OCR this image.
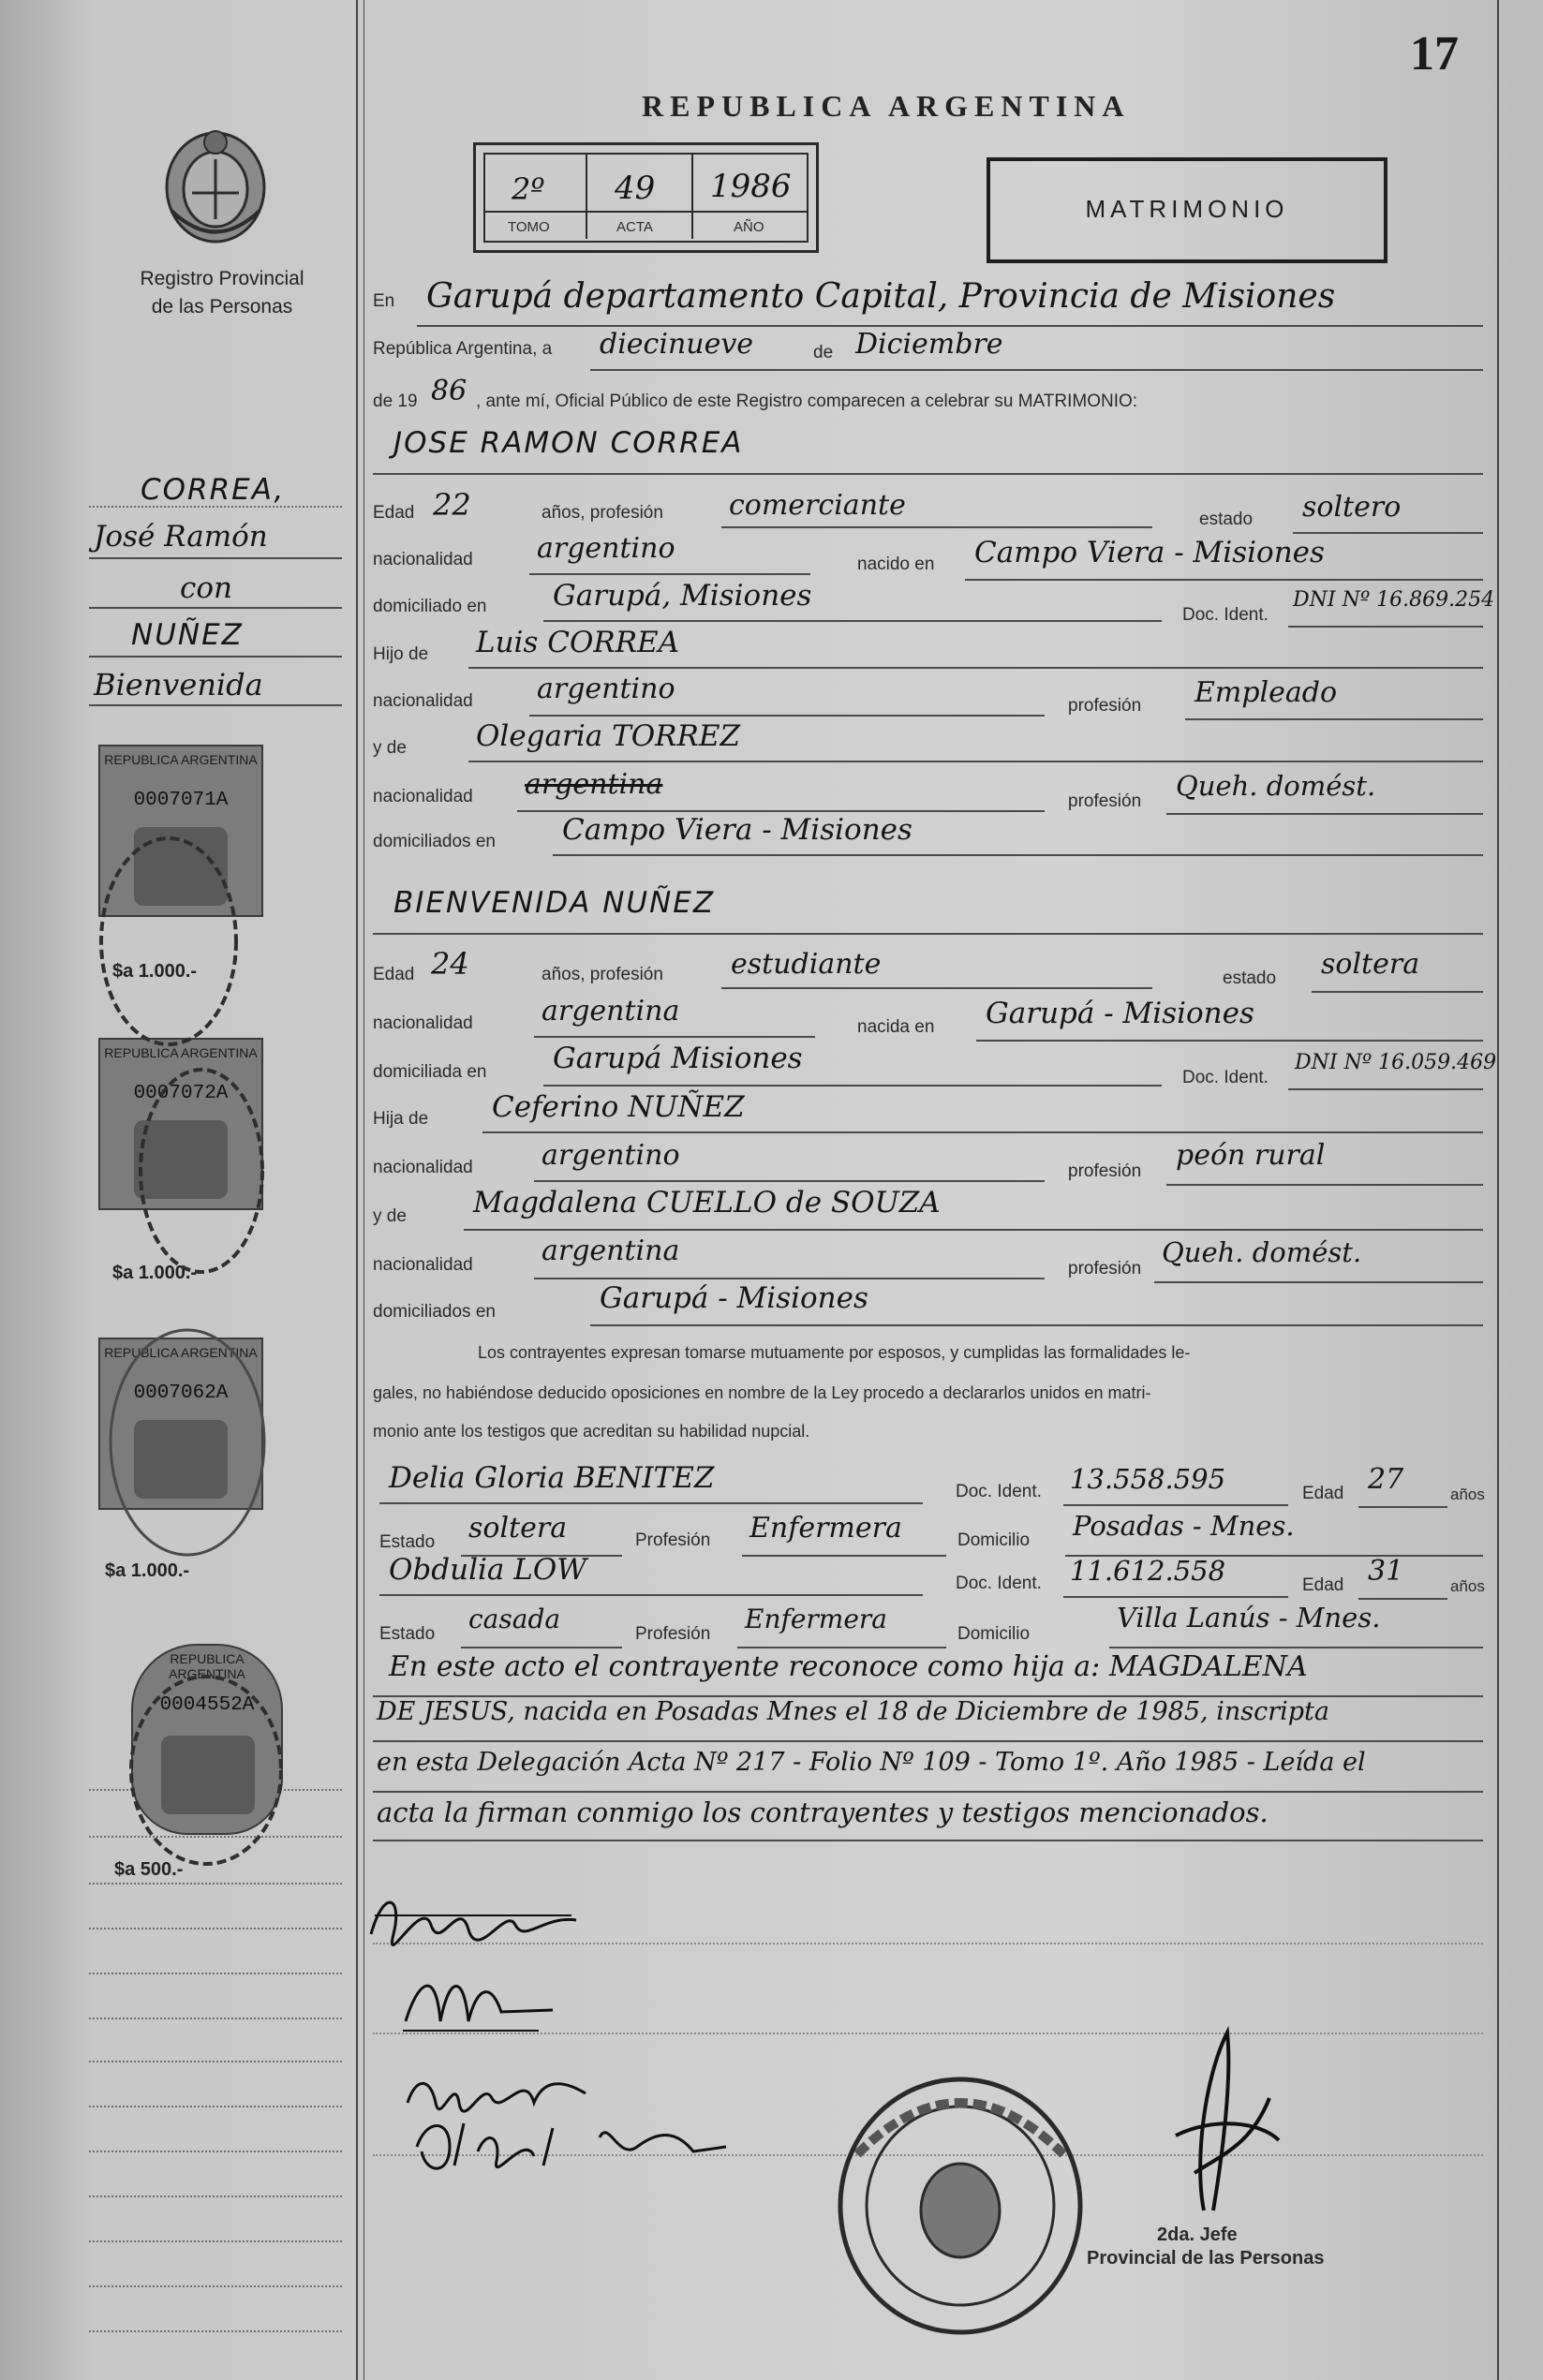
17
REPUBLICA ARGENTINA
Registro Provincial
de las Personas
2º 49 1986
TOMO	ACTA	AÑO
MATRIMONIO
En Garupá departamento Capital, Provincia de Misiones
República Argentina, a diecinueve	de Diciembre
de 19 86 , ante mí, Oficial Público de este Registro comparecen a celebrar su MATRIMONIO:
JOSE RAMON CORREA
Edad 22	años, profesión comerciante	estado soltero
nacionalidad argentino	nacido en Campo Viera - Misiones
domiciliado en Garupá, Misiones
Doc. Ident.
DNI Nº 16.869.254
Hijo de Luis CORREA
nacionalidad argentino
profesión Empleado
y de Olegaria TORREZ
nacionalidad argentina
profesión Queh. domést.
domiciliados en Campo Viera - Misiones
BIENVENIDA NUÑEZ
Edad 24	años, profesión estudiante	estado soltera
nacionalidad argentina	nacida en Garupá - Misiones
domiciliada en Garupá Misiones
Doc. Ident.
DNI Nº 16.059.469
Hija de Ceferino NUÑEZ
nacionalidad argentino	profesión peón rural
y de Magdalena CUELLO de SOUZA
nacionalidad argentina
profesión
Queh. domést.
domiciliados en	Garupá - Misiones
Los contrayentes expresan tomarse mutuamente por esposos, y cumplidas las formalidades le-
gales, no habiéndose deducido oposiciones en nombre de la Ley procedo a declararlos unidos en matri-
monio ante los testigos que acreditan su habilidad nupcial.
Delia Gloria BENITEZ	Doc. Ident. 13.558.595	Edad 27	años
Estado soltera	Profesión Enfermera	Domicilio Posadas - Mnes.
Obdulia LOW	Doc. Ident. 11.612.558	Edad 31	años
Estado casada	Profesión Enfermera	Domicilio
Villa Lanús - Mnes.
En este acto el contrayente reconoce como hija a: MAGDALENA
DE JESUS, nacida en Posadas Mnes el 18 de Diciembre de 1985, inscripta
en esta Delegación Acta Nº 217 - Folio Nº 109 - Tomo 1º. Año 1985 - Leída el
acta la firman conmigo los contrayentes y testigos mencionados.
CORREA,
José Ramón
con
NUÑEZ
Bienvenida
REPUBLICA ARGENTINA
0007071A
$a 1.000.-
REPUBLICA ARGENTINA
0007072A
$a 1.000.-
REPUBLICA ARGENTINA
0007062A
$a 1.000.-
REPUBLICA ARGENTINA
0004552A
$a 500.-
2da. Jefe
Provincial de las Personas
